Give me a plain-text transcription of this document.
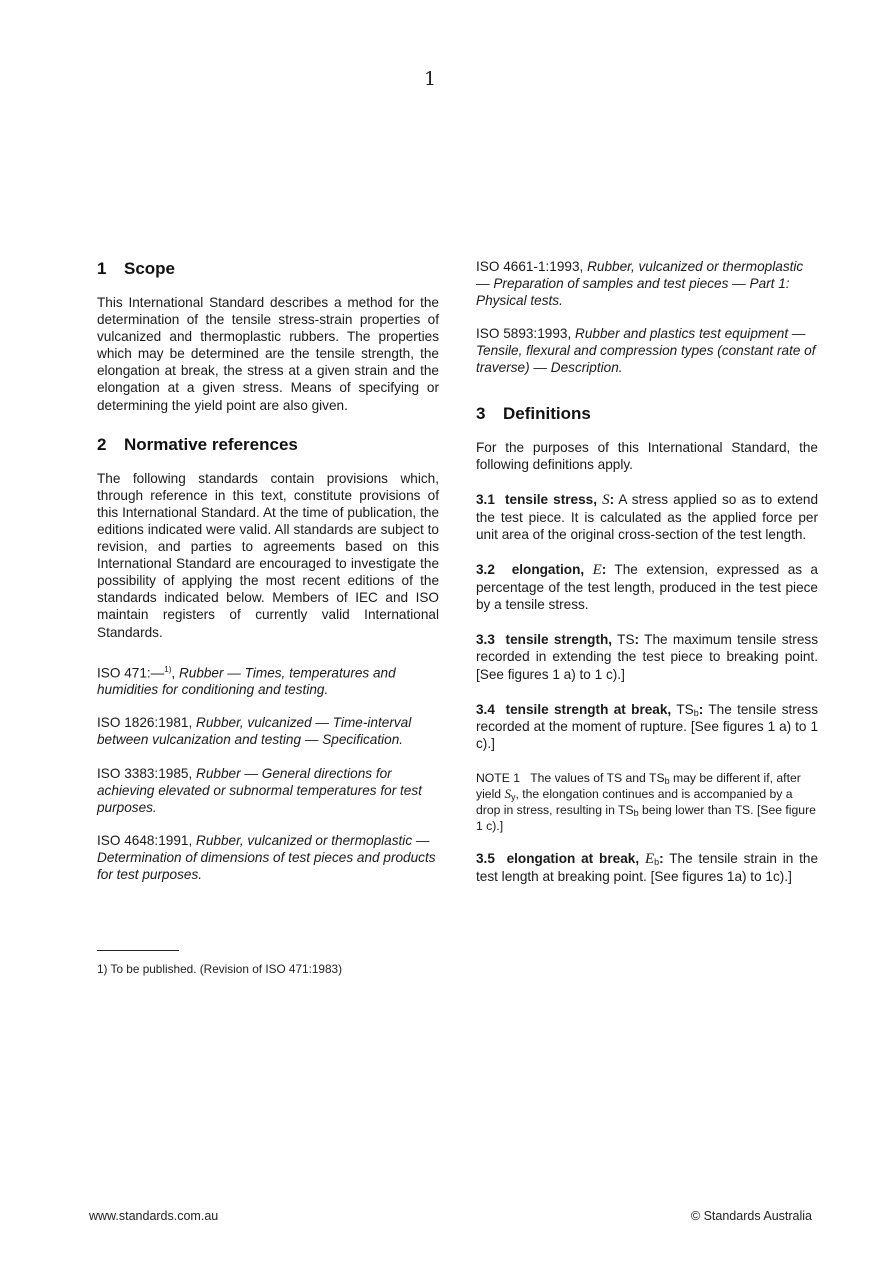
1
1 Scope

This International Standard describes a method for the determination of the tensile stress-strain properties of vulcanized and thermoplastic rubbers. The properties which may be determined are the tensile strength, the elongation at break, the stress at a given strain and the elongation at a given stress. Means of specifying or determining the yield point are also given.

2 Normative references

The following standards contain provisions which, through reference in this text, constitute provisions of this International Standard. At the time of publication, the editions indicated were valid. All standards are subject to revision, and parties to agreements based on this International Standard are encouraged to investigate the possibility of applying the most recent editions of the standards indicated below. Members of IEC and ISO maintain registers of currently valid International Standards.

ISO 471:—$^{1)}$, Rubber — Times, temperatures and humidities for conditioning and testing.

ISO 1826:1981, Rubber, vulcanized — Time-interval between vulcanization and testing — Specification.

ISO 3383:1985, Rubber — General directions for achieving elevated or subnormal temperatures for test purposes.

ISO 4648:1991, Rubber, vulcanized or thermoplastic — Determination of dimensions of test pieces and products for test purposes.

ISO 4661-1:1993, Rubber, vulcanized or thermoplastic — Preparation of samples and test pieces — Part 1: Physical tests.

ISO 5893:1993, Rubber and plastics test equipment — Tensile, flexural and compression types (constant rate of traverse) — Description.

3 Definitions

For the purposes of this International Standard, the following definitions apply.

3.1 tensile stress, S: A stress applied so as to extend the test piece. It is calculated as the applied force per unit area of the original cross-section of the test length.

3.2 elongation, E: The extension, expressed as a percentage of the test length, produced in the test piece by a tensile stress.

3.3 tensile strength, TS: The maximum tensile stress recorded in extending the test piece to breaking point. [See figures 1 a) to 1 c).]

3.4 tensile strength at break, $TS_b$: The tensile stress recorded at the moment of rupture. [See figures 1 a) to 1 c).]

NOTE 1 The values of TS and $TS_b$ may be different if, after yield $S_y$, the elongation continues and is accompanied by a drop in stress, resulting in $TS_b$ being lower than TS. [See figure 1 c).]

3.5 elongation at break, $E_b$: The tensile strain in the test length at breaking point. [See figures 1a) to 1c).]

1) To be published. (Revision of ISO 471:1983)
www.standards.com.au	© Standards Australia
